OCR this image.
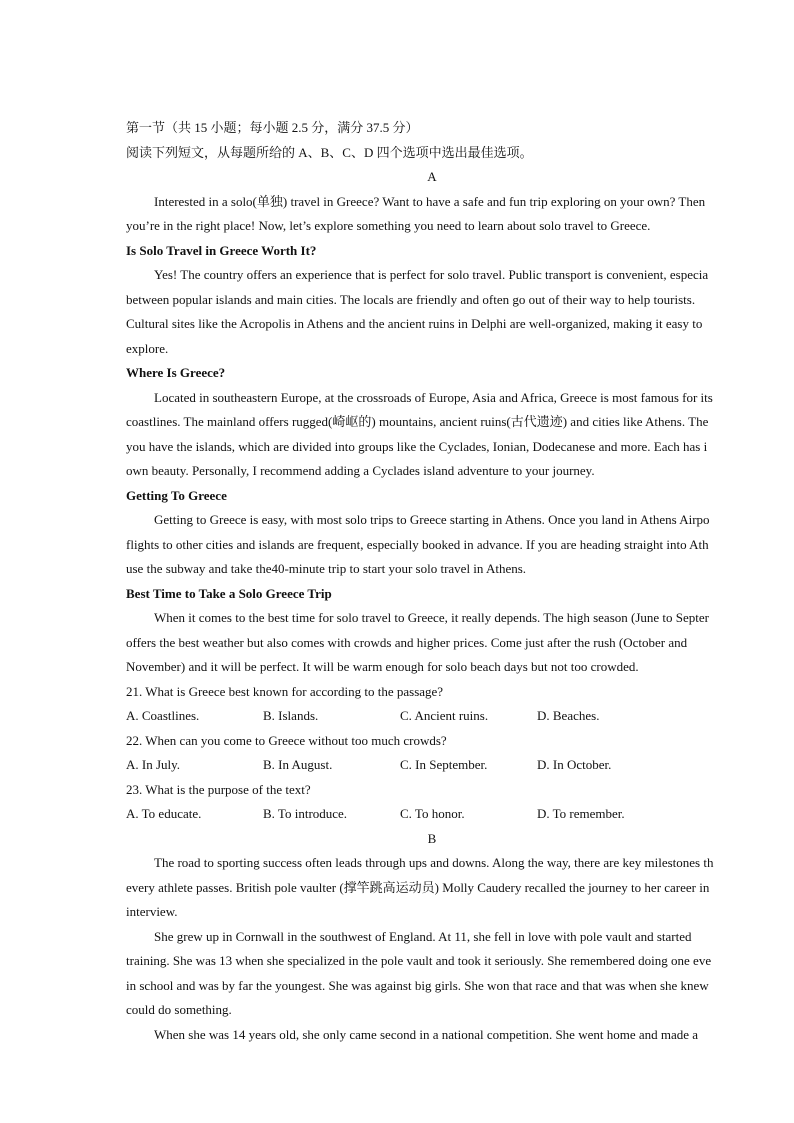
第一节（共 15 小题；每小题 2.5 分，满分 37.5 分）
阅读下列短文，从每题所给的 A、B、C、D 四个选项中选出最佳选项。
A
Interested in a solo(单独) travel in Greece? Want to have a safe and fun trip exploring on your own? Then
you’re in the right place! Now, let’s explore something you need to learn about solo travel to Greece.
Is Solo Travel in Greece Worth It?
Yes! The country offers an experience that is perfect for solo travel. Public transport is convenient, especia
between popular islands and main cities. The locals are friendly and often go out of their way to help tourists.
Cultural sites like the Acropolis in Athens and the ancient ruins in Delphi are well-organized, making it easy to
explore.
Where Is Greece?
Located in southeastern Europe, at the crossroads of Europe, Asia and Africa, Greece is most famous for its
coastlines. The mainland offers rugged(崎岖的) mountains, ancient ruins(古代遗迹) and cities like Athens. The
you have the islands, which are divided into groups like the Cyclades, Ionian, Dodecanese and more. Each has i
own beauty. Personally, I recommend adding a Cyclades island adventure to your journey.
Getting To Greece
Getting to Greece is easy, with most solo trips to Greece starting in Athens. Once you land in Athens Airpo
flights to other cities and islands are frequent, especially booked in advance. If you are heading straight into Ath
use the subway and take the40-minute trip to start your solo travel in Athens.
Best Time to Take a Solo Greece Trip
When it comes to the best time for solo travel to Greece, it really depends. The high season (June to Septer
offers the best weather but also comes with crowds and higher prices. Come just after the rush (October and
November) and it will be perfect. It will be warm enough for solo beach days but not too crowded.
21. What is Greece best known for according to the passage?
A. Coastlines.	B. Islands.	C. Ancient ruins.	D. Beaches.
22. When can you come to Greece without too much crowds?
A. In July.	B. In August.	C. In September.	D. In October.
23. What is the purpose of the text?
A. To educate.	B. To introduce.	C. To honor.	D. To remember.
B
The road to sporting success often leads through ups and downs. Along the way, there are key milestones th
every athlete passes. British pole vaulter (撑竿跳高运动员) Molly Caudery recalled the journey to her career in
interview.
She grew up in Cornwall in the southwest of England. At 11, she fell in love with pole vault and started
training. She was 13 when she specialized in the pole vault and took it seriously. She remembered doing one eve
in school and was by far the youngest. She was against big girls. She won that race and that was when she knew
could do something.
When she was 14 years old, she only came second in a national competition. She went home and made a
